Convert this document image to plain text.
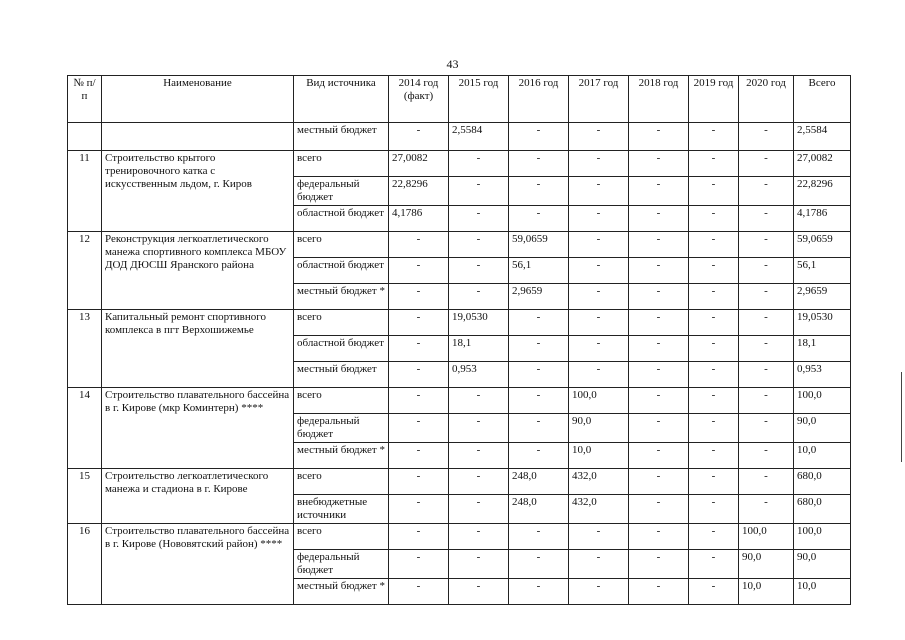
43
№ п/п	Наименование	Вид источника	2014 год (факт)	2015 год	2016 год	2017 год	2018 год	2019 год	2020 год	Всего
		местный бюджет	-	2,5584	-	-	-	-	-	2,5584
11	Строительство крытого тренировочного катка с искусственным льдом, г. Киров	всего	27,0082	-	-	-	-	-	-	27,0082
		федеральный бюджет	22,8296	-	-	-	-	-	-	22,8296
		областной бюджет	4,1786	-	-	-	-	-	-	4,1786
12	Реконструкция легкоатлетического манежа спортивного комплекса МБОУ ДОД ДЮСШ Яранского района	всего	-	-	59,0659	-	-	-	-	59,0659
		областной бюджет	-	-	56,1	-	-	-	-	56,1
		местный бюджет *	-	-	2,9659	-	-	-	-	2,9659
13	Капитальный ремонт спортивного комплекса в пгт Верхошижемье	всего	-	19,0530	-	-	-	-	-	19,0530
		областной бюджет	-	18,1	-	-	-	-	-	18,1
		местный бюджет	-	0,953	-	-	-	-	-	0,953
14	Строительство плавательного бассейна в г. Кирове (мкр Коминтерн) ****	всего	-	-	-	100,0	-	-	-	100,0
		федеральный бюджет	-	-	-	90,0	-	-	-	90,0
		местный бюджет *	-	-	-	10,0	-	-	-	10,0
15	Строительство легкоатлетического манежа и стадиона в г. Кирове	всего	-	-	248,0	432,0	-	-	-	680,0
		внебюджетные источники	-	-	248,0	432,0	-	-	-	680,0
16	Строительство плавательного бассейна в г. Кирове (Нововятский район) ****	всего	-	-	-	-	-	-	100,0	100,0
		федеральный бюджет	-	-	-	-	-	-	90,0	90,0
		местный бюджет *	-	-	-	-	-	-	10,0	10,0
